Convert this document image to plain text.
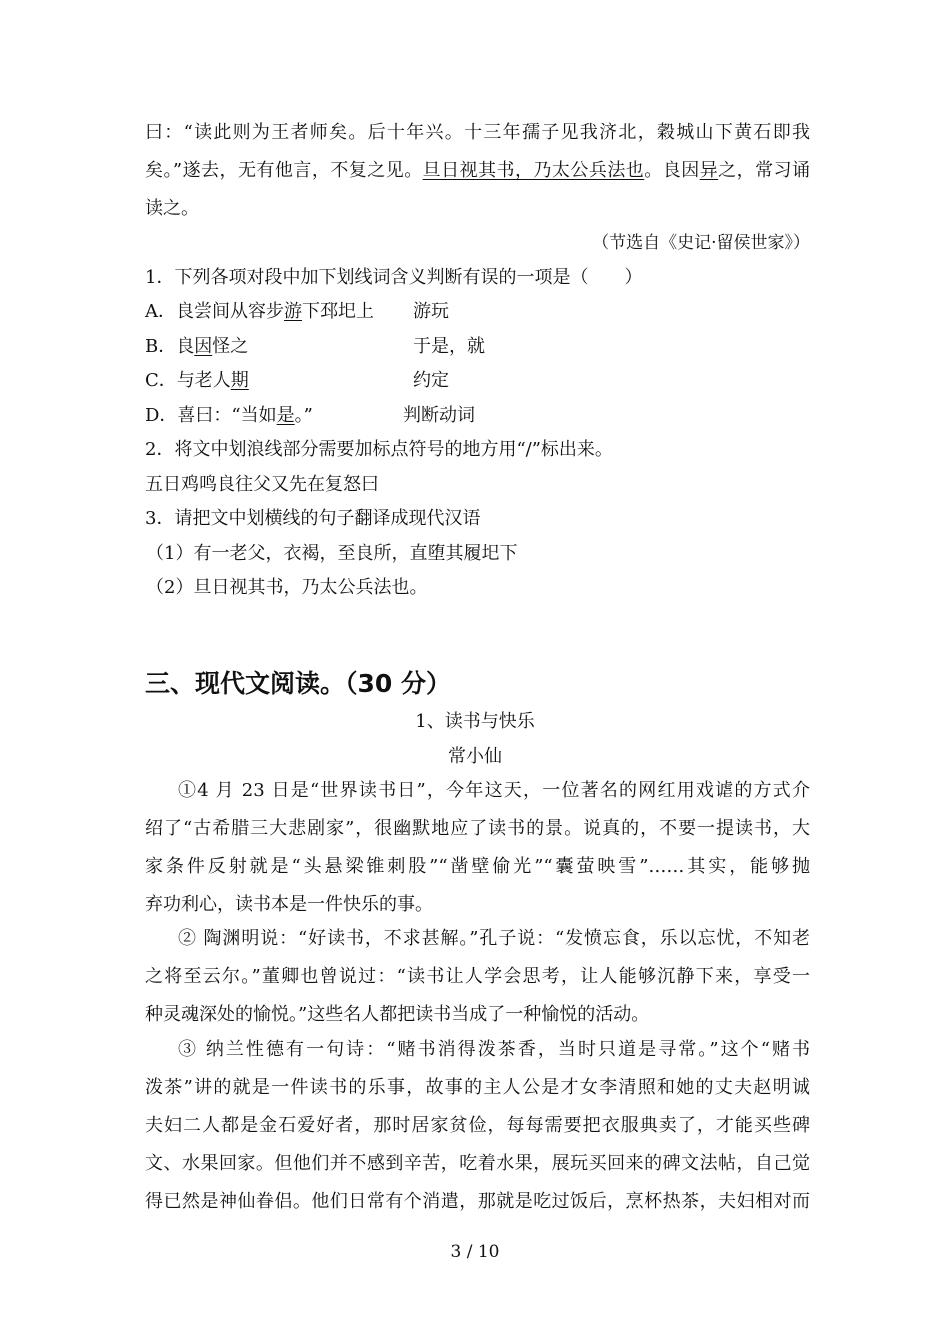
曰：“读此则为王者师矣。后十年兴。十三年孺子见我济北，穀城山下黄石即我
矣。”遂去，无有他言，不复之见。旦日视其书，乃太公兵法也。良因异之，常习诵
读之。
（节选自《史记·留侯世家》）
1．下列各项对段中加下划线词含义判断有误的一项是（　　）
A．良尝间从容步游下邳圯上 游玩
B．良因怪之	于是，就
C．与老人期	约定
D．喜曰：“当如是。”	判断动词
2．将文中划浪线部分需要加标点符号的地方用“/”标出来。
五日鸡鸣良往父又先在复怒曰
3．请把文中划横线的句子翻译成现代汉语
（1）有一老父，衣褐，至良所，直堕其履圯下
（2）旦日视其书，乃太公兵法也。
三、现代文阅读。（30 分）
1、读书与快乐
常小仙
①4 月 23 日是“世界读书日”，今年这天，一位著名的网红用戏谑的方式介
绍了“古希腊三大悲剧家”，很幽默地应了读书的景。说真的，不要一提读书，大
家条件反射就是“头悬梁锥刺股”“凿壁偷光”“囊萤映雪”……其实，能够抛
弃功利心，读书本是一件快乐的事。
② 陶渊明说：“好读书，不求甚解。”孔子说：“发愤忘食，乐以忘忧，不知老
之将至云尔。”董卿也曾说过：“读书让人学会思考，让人能够沉静下来，享受一
种灵魂深处的愉悦。”这些名人都把读书当成了一种愉悦的活动。
③ 纳兰性德有一句诗：“赌书消得泼茶香，当时只道是寻常。”这个“赌书
泼茶”讲的就是一件读书的乐事，故事的主人公是才女李清照和她的丈夫赵明诚
夫妇二人都是金石爱好者，那时居家贫俭，每每需要把衣服典卖了，才能买些碑
文、水果回家。但他们并不感到辛苦，吃着水果，展玩买回来的碑文法帖，自己觉
得已然是神仙眷侣。他们日常有个消遣，那就是吃过饭后，烹杯热茶，夫妇相对而
3 / 10
